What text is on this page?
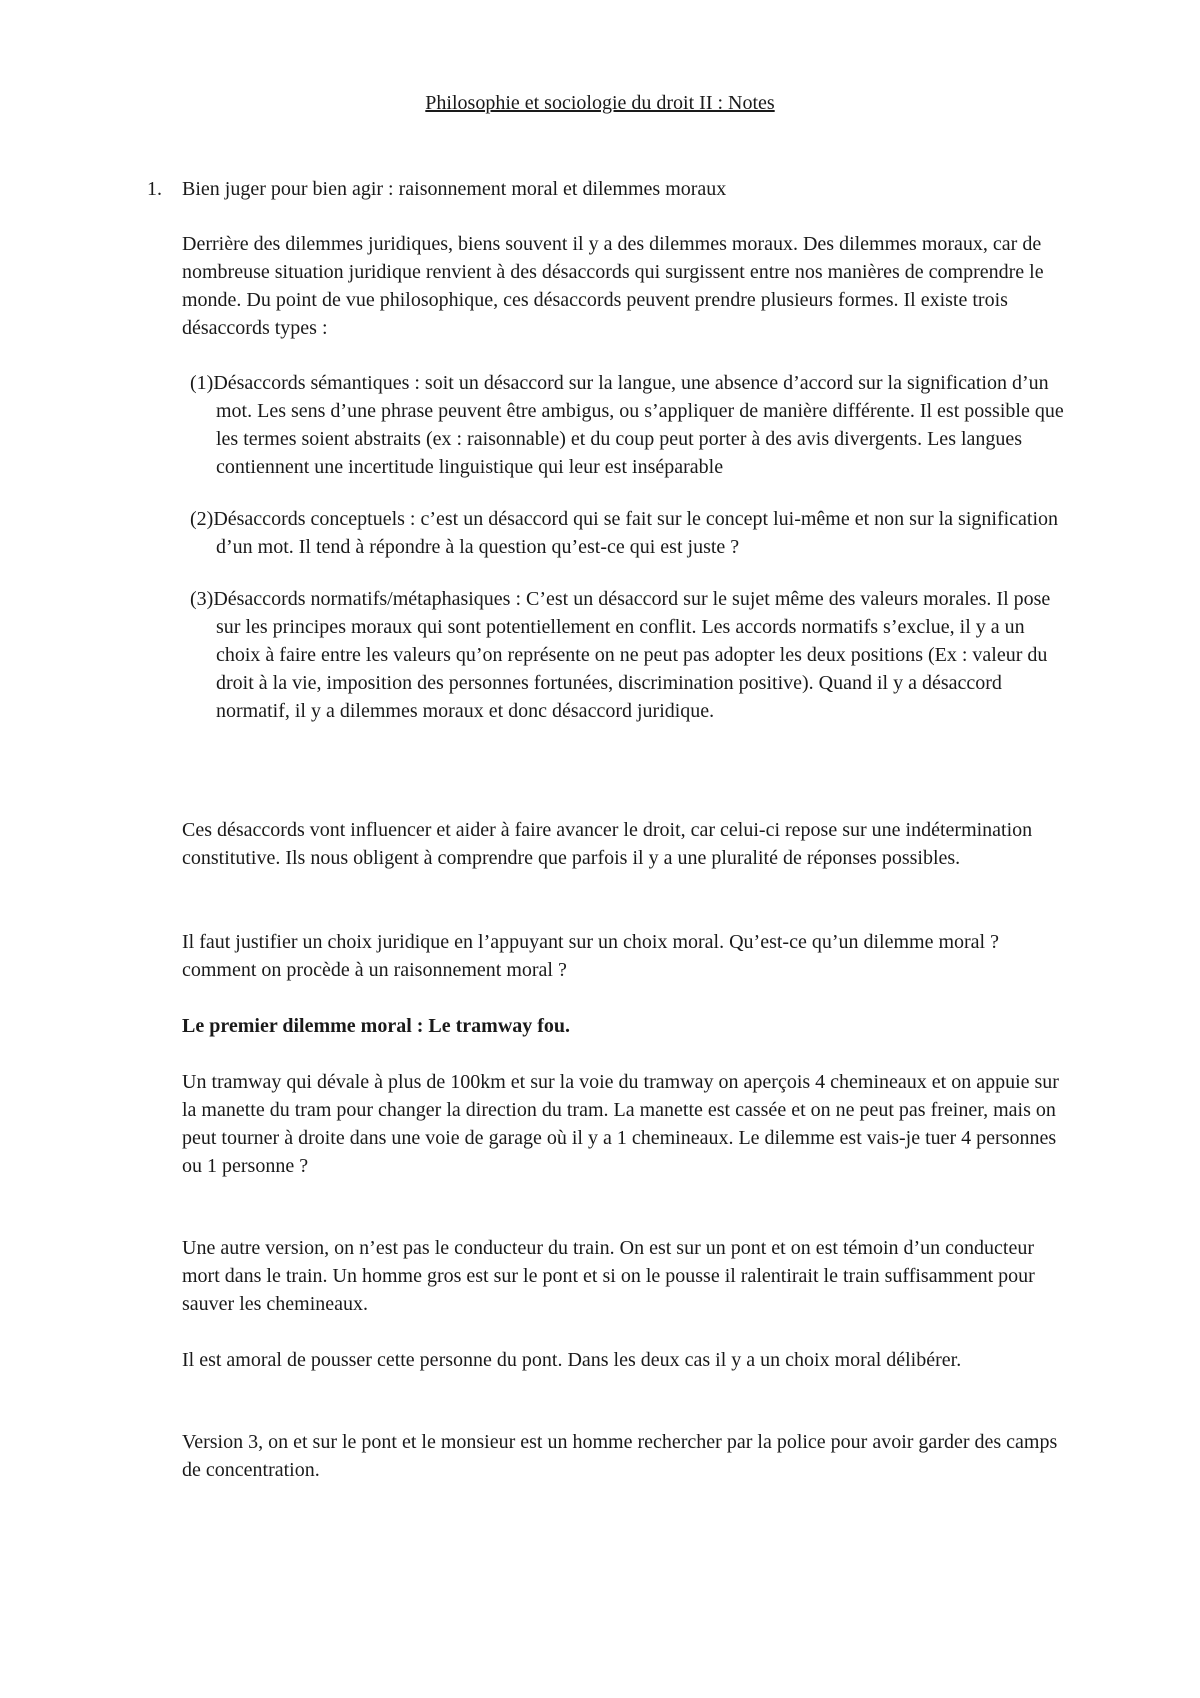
Philosophie et sociologie du droit II : Notes
1. Bien juger pour bien agir : raisonnement moral et dilemmes moraux

Derrière des dilemmes juridiques, biens souvent il y a des dilemmes moraux. Des dilemmes moraux, car de nombreuse situation juridique renvient à des désaccords qui surgissent entre nos manières de comprendre le monde. Du point de vue philosophique, ces désaccords peuvent prendre plusieurs formes. Il existe trois désaccords types :

(1)Désaccords sémantiques : soit un désaccord sur la langue, une absence d’accord sur la signification d’un mot. Les sens d’une phrase peuvent être ambigus, ou s’appliquer de manière différente. Il est possible que les termes soient abstraits (ex : raisonnable) et du coup peut porter à des avis divergents. Les langues contiennent une incertitude linguistique qui leur est inséparable

(2)Désaccords conceptuels : c’est un désaccord qui se fait sur le concept lui-même et non sur la signification d’un mot. Il tend à répondre à la question qu’est-ce qui est juste ?

(3)Désaccords normatifs/métaphasiques : C’est un désaccord sur le sujet même des valeurs morales. Il pose sur les principes moraux qui sont potentiellement en conflit. Les accords normatifs s’exclue, il y a un choix à faire entre les valeurs qu’on représente on ne peut pas adopter les deux positions (Ex : valeur du droit à la vie, imposition des personnes fortunées, discrimination positive). Quand il y a désaccord normatif, il y a dilemmes moraux et donc désaccord juridique.

Ces désaccords vont influencer et aider à faire avancer le droit, car celui-ci repose sur une indétermination constitutive. Ils nous obligent à comprendre que parfois il y a une pluralité de réponses possibles.

Il faut justifier un choix juridique en l’appuyant sur un choix moral. Qu’est-ce qu’un dilemme moral ? comment on procède à un raisonnement moral ?

Le premier dilemme moral : Le tramway fou.

Un tramway qui dévale à plus de 100km et sur la voie du tramway on aperçois 4 chemineaux et on appuie sur la manette du tram pour changer la direction du tram. La manette est cassée et on ne peut pas freiner, mais on peut tourner à droite dans une voie de garage où il y a 1 chemineaux. Le dilemme est vais-je tuer 4 personnes ou 1 personne ?

Une autre version, on n’est pas le conducteur du train. On est sur un pont et on est témoin d’un conducteur mort dans le train. Un homme gros est sur le pont et si on le pousse il ralentirait le train suffisamment pour sauver les chemineaux.

Il est amoral de pousser cette personne du pont. Dans les deux cas il y a un choix moral délibérer.

Version 3, on et sur le pont et le monsieur est un homme rechercher par la police pour avoir garder des camps de concentration.
